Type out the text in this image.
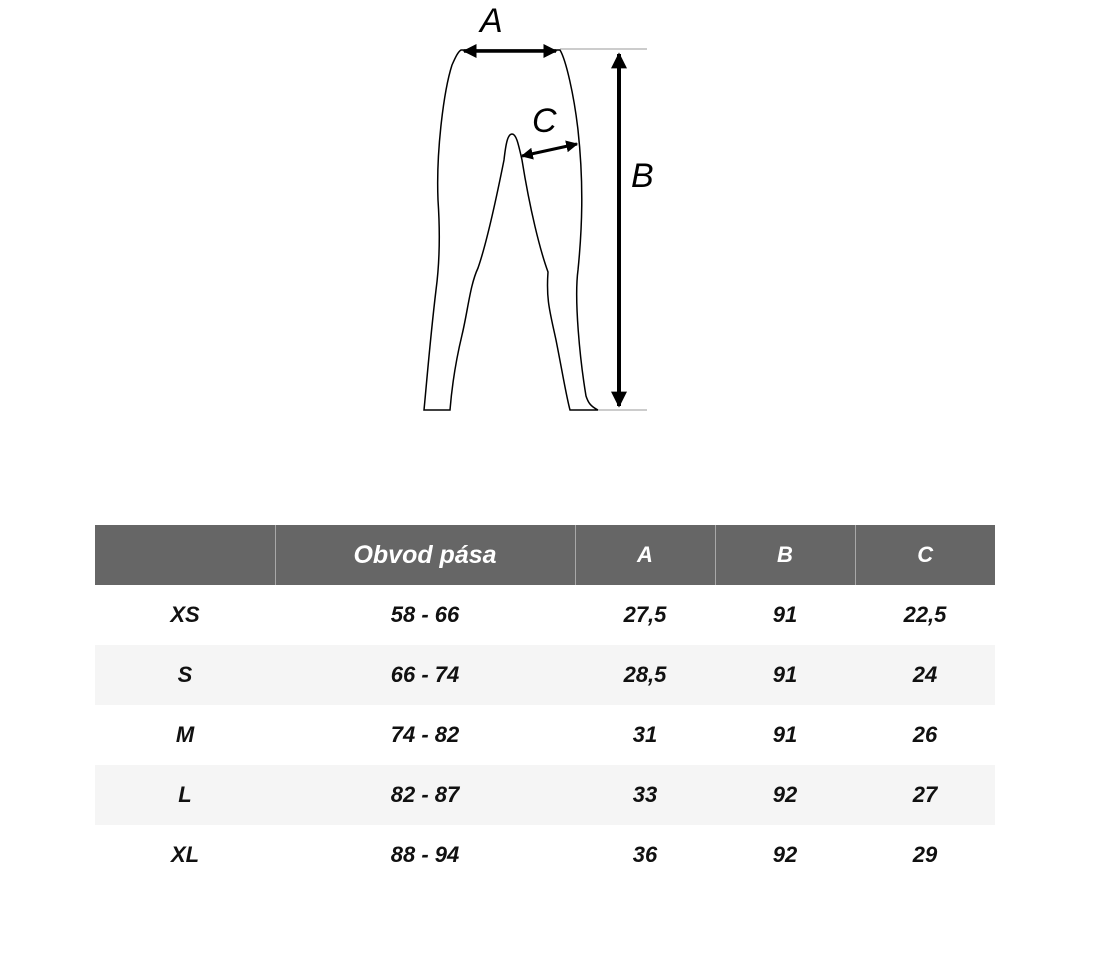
A
B
C
	Obvod pása	A	B	C
XS	58 - 66	27,5	91	22,5
S	66 - 74	28,5	91	24
M	74 - 82	31	91	26
L	82 - 87	33	92	27
XL	88 - 94	36	92	29
